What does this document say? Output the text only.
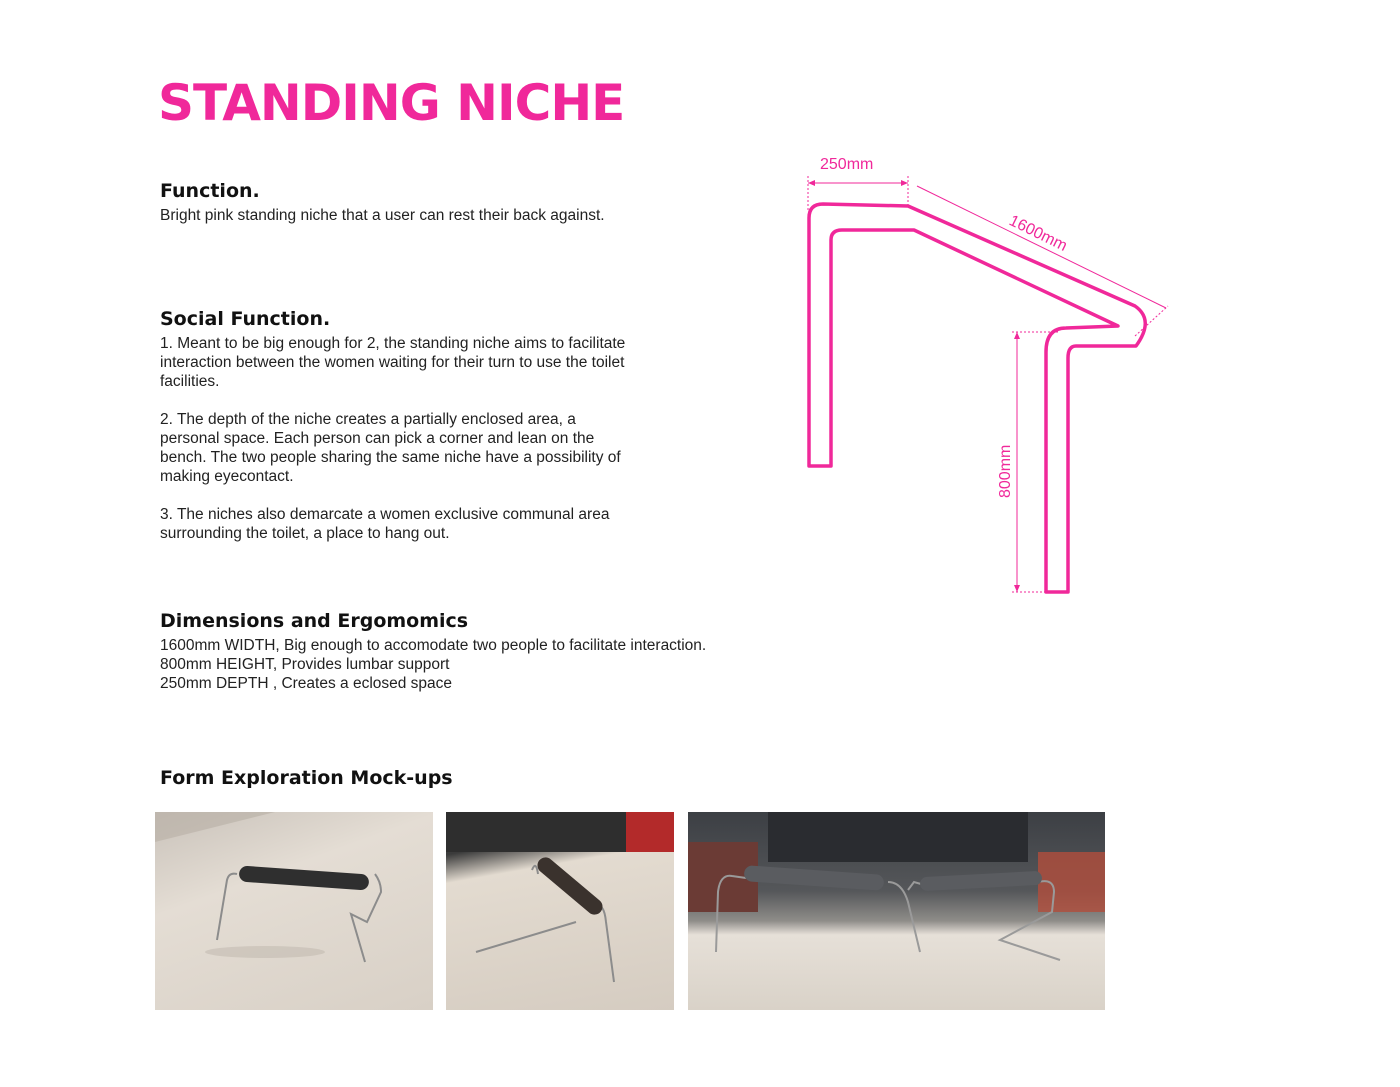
STANDING NICHE
Function.

Bright pink standing niche that a user can rest their back against.

Social Function.

1. Meant to be big enough for 2, the standing niche aims to facilitate interaction between the women waiting for their turn to use the toilet facilities.

2. The depth of the niche creates a partially enclosed area, a personal space. Each person can pick a corner and lean on the bench. The two people sharing the same niche have a possibility of making eyecontact.

3. The niches also demarcate a women exclusive communal area surrounding the toilet, a place to hang out.

Dimensions and Ergomomics
1600mm WIDTH, Big enough to accomodate two people to facilitate interaction.
800mm HEIGHT, Provides lumbar support
250mm DEPTH , Creates a eclosed space
250mm
1600mm
800mm
Form Exploration Mock-ups
